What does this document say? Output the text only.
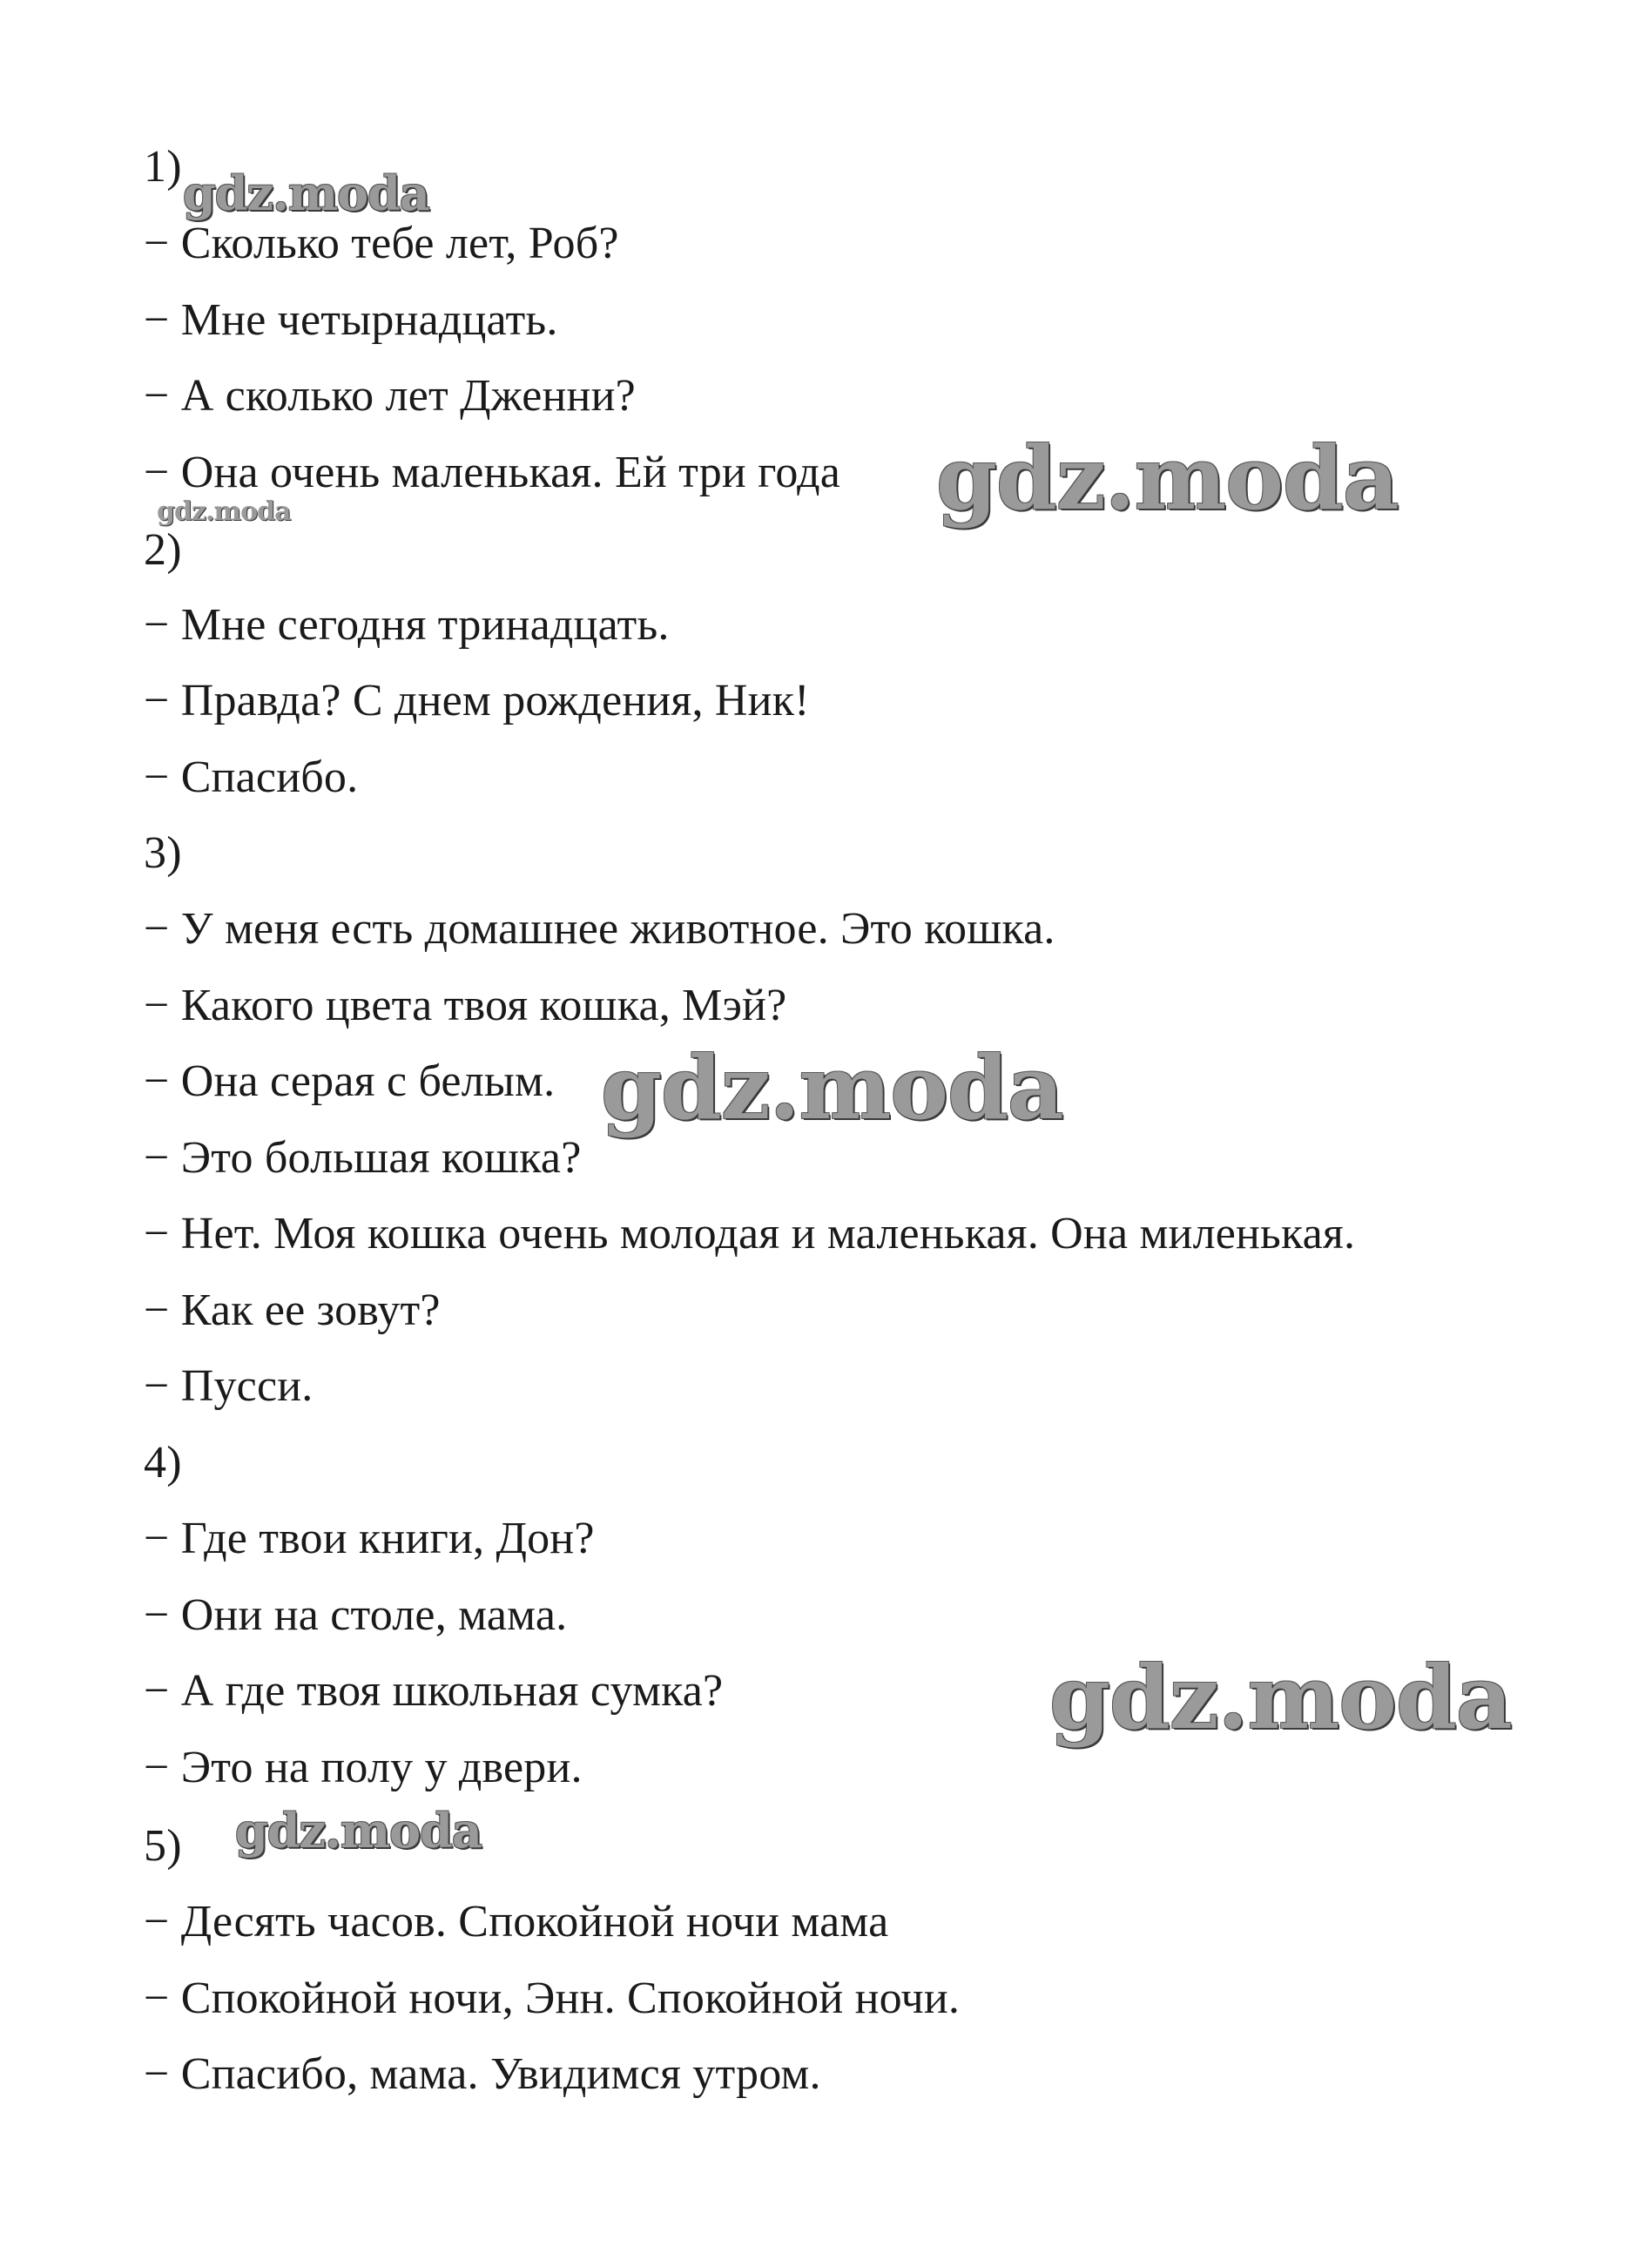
1)
− Сколько тебе лет, Роб?
− Мне четырнадцать.
− А сколько лет Дженни?
− Она очень маленькая. Ей три года
2)
− Мне сегодня тринадцать.
− Правда? С днем рождения, Ник!
− Спасибо.
3)
− У меня есть домашнее животное. Это кошка.
− Какого цвета твоя кошка, Мэй?
− Она серая с белым.
− Это большая кошка?
− Нет. Моя кошка очень молодая и маленькая. Она миленькая.
− Как ее зовут?
− Пусси.
4)
− Где твои книги, Дон?
− Они на столе, мама.
− А где твоя школьная сумка?
− Это на полу у двери.
5)
− Десять часов. Спокойной ночи мама
− Спокойной ночи, Энн. Спокойной ночи.
− Спасибо, мама. Увидимся утром.
gdz.moda
gdz.moda
gdz.moda
gdz.moda
gdz.moda
gdz.moda
